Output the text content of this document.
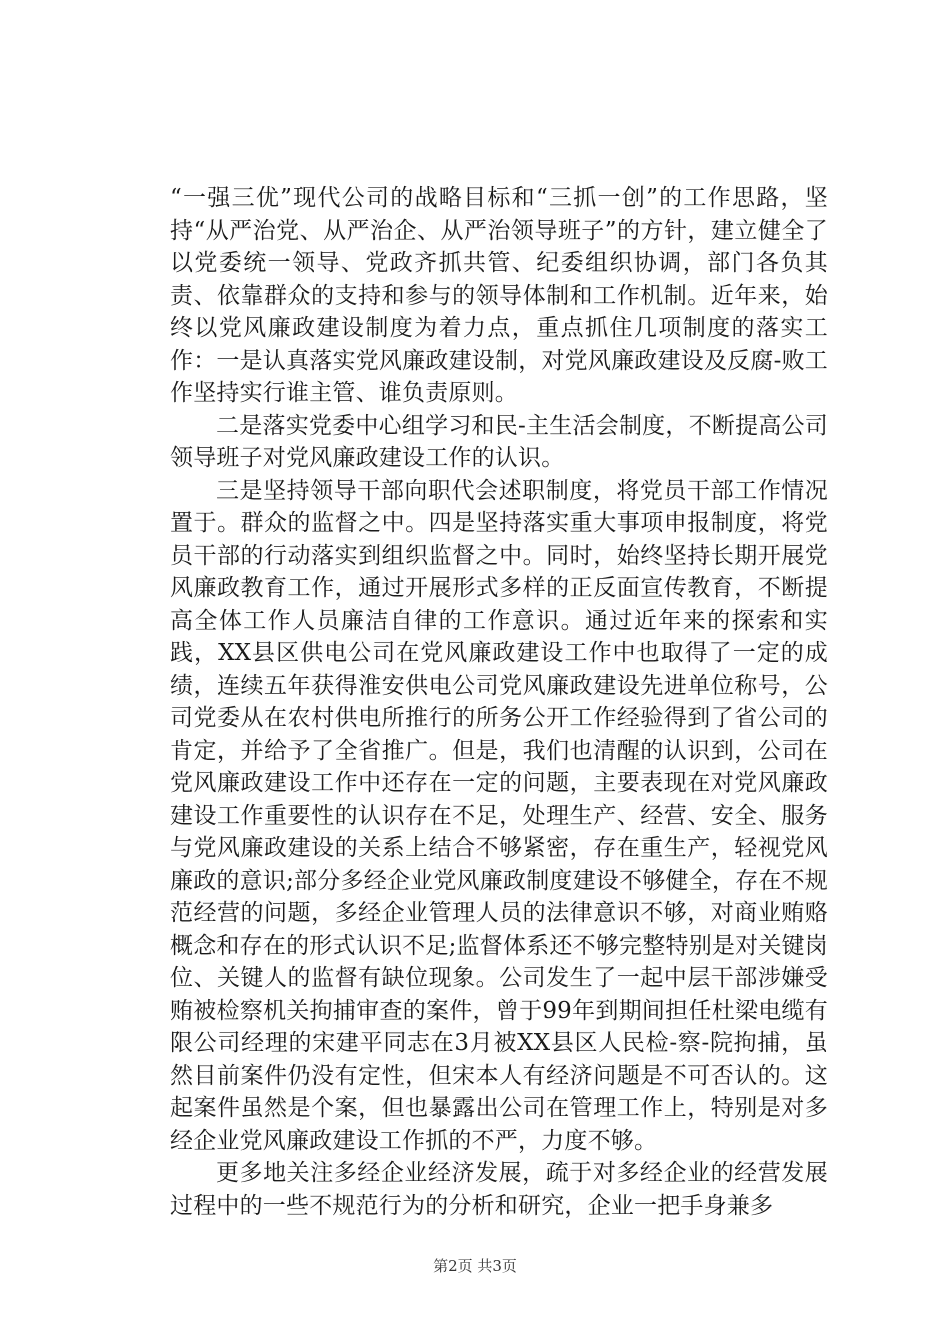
“一强三优”现代公司的战略目标和“三抓一创”的工作思路，坚持“从严治党、从严治企、从严治领导班子”的方针，建立健全了以党委统一领导、党政齐抓共管、纪委组织协调，部门各负其责、依靠群众的支持和参与的领导体制和工作机制。近年来，始终以党风廉政建设制度为着力点，重点抓住几项制度的落实工作：一是认真落实党风廉政建设制，对党风廉政建设及反腐-败工作坚持实行谁主管、谁负责原则。

二是落实党委中心组学习和民-主生活会制度，不断提高公司领导班子对党风廉政建设工作的认识。

三是坚持领导干部向职代会述职制度，将党员干部工作情况置于。群众的监督之中。四是坚持落实重大事项申报制度，将党员干部的行动落实到组织监督之中。同时，始终坚持长期开展党风廉政教育工作，通过开展形式多样的正反面宣传教育，不断提高全体工作人员廉洁自律的工作意识。通过近年来的探索和实践，XX县区供电公司在党风廉政建设工作中也取得了一定的成绩，连续五年获得淮安供电公司党风廉政建设先进单位称号，公司党委从在农村供电所推行的所务公开工作经验得到了省公司的肯定，并给予了全省推广。但是，我们也清醒的认识到，公司在党风廉政建设工作中还存在一定的问题，主要表现在对党风廉政建设工作重要性的认识存在不足，处理生产、经营、安全、服务与党风廉政建设的关系上结合不够紧密，存在重生产，轻视党风廉政的意识;部分多经企业党风廉政制度建设不够健全，存在不规范经营的问题，多经企业管理人员的法律意识不够，对商业贿赂概念和存在的形式认识不足;监督体系还不够完整特别是对关键岗位、关键人的监督有缺位现象。公司发生了一起中层干部涉嫌受贿被检察机关拘捕审查的案件，曾于99年到期间担任杜梁电缆有限公司经理的宋建平同志在3月被XX县区人民检-察-院拘捕，虽然目前案件仍没有定性，但宋本人有经济问题是不可否认的。这起案件虽然是个案，但也暴露出公司在管理工作上，特别是对多经企业党风廉政建设工作抓的不严，力度不够。

更多地关注多经企业经济发展，疏于对多经企业的经营发展过程中的一些不规范行为的分析和研究，企业一把手身兼多

第2页 共3页
